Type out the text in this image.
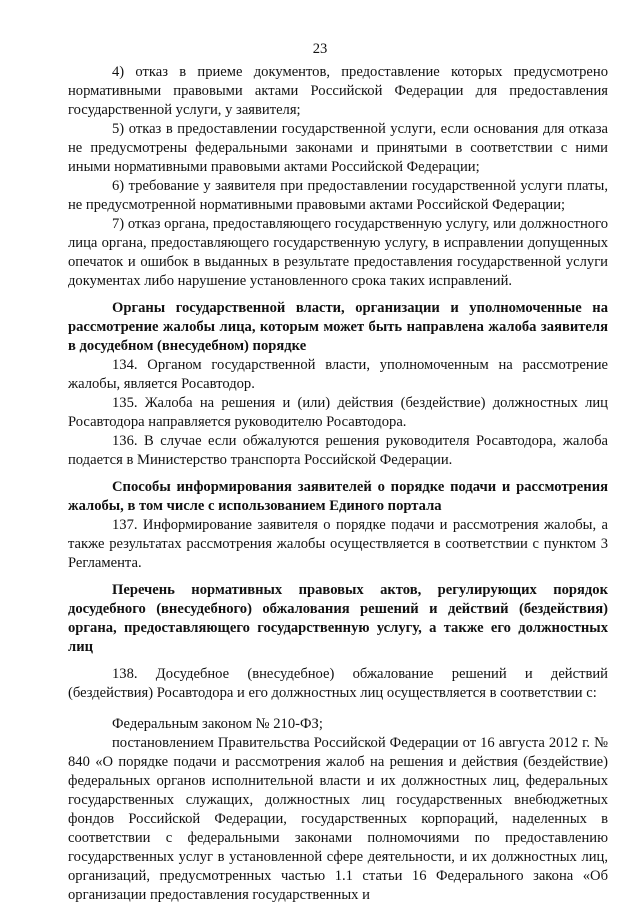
23

4) отказ в приеме документов, предоставление которых предусмотрено нормативными правовыми актами Российской Федерации для предоставления государственной услуги, у заявителя;

5) отказ в предоставлении государственной услуги, если основания для отказа не предусмотрены федеральными законами и принятыми в соответствии с ними иными нормативными правовыми актами Российской Федерации;

6) требование у заявителя при предоставлении государственной услуги платы, не предусмотренной нормативными правовыми актами Российской Федерации;

7) отказ органа, предоставляющего государственную услугу, или должностного лица органа, предоставляющего государственную услугу, в исправлении допущенных опечаток и ошибок в выданных в результате предоставления государственной услуги документах либо нарушение установленного срока таких исправлений.

Органы государственной власти, организации и уполномоченные на рассмотрение жалобы лица, которым может быть направлена жалоба заявителя в досудебном (внесудебном) порядке

134. Органом государственной власти, уполномоченным на рассмотрение жалобы, является Росавтодор.

135. Жалоба на решения и (или) действия (бездействие) должностных лиц Росавтодора направляется руководителю Росавтодора.

136. В случае если обжалуются решения руководителя Росавтодора, жалоба подается в Министерство транспорта Российской Федерации.

Способы информирования заявителей о порядке подачи и рассмотрения жалобы, в том числе с использованием Единого портала

137. Информирование заявителя о порядке подачи и рассмотрения жалобы, а также результатах рассмотрения жалобы осуществляется в соответствии с пунктом 3 Регламента.

Перечень нормативных правовых актов, регулирующих порядок досудебного (внесудебного) обжалования решений и действий (бездействия) органа, предоставляющего государственную услугу, а также его должностных лиц

138. Досудебное (внесудебное) обжалование решений и действий (бездействия) Росавтодора и его должностных лиц осуществляется в соответствии с:

Федеральным законом № 210-ФЗ;

постановлением Правительства Российской Федерации от 16 августа 2012 г. № 840 «О порядке подачи и рассмотрения жалоб на решения и действия (бездействие) федеральных органов исполнительной власти и их должностных лиц, федеральных государственных служащих, должностных лиц государственных внебюджетных фондов Российской Федерации, государственных корпораций, наделенных в соответствии с федеральными законами полномочиями по предоставлению государственных услуг в установленной сфере деятельности, и их должностных лиц, организаций, предусмотренных частью 1.1 статьи 16 Федерального закона «Об организации предоставления государственных и
